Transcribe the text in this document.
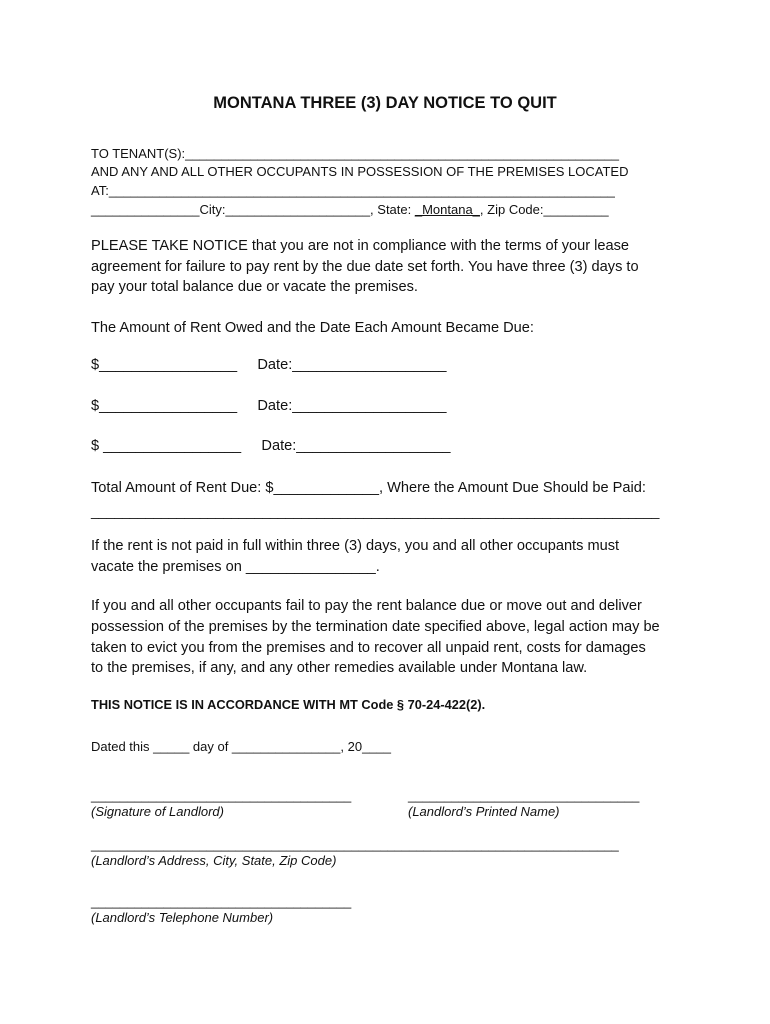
MONTANA THREE (3) DAY NOTICE TO QUIT
TO TENANT(S):____________________________________________________________
AND ANY AND ALL OTHER OCCUPANTS IN POSSESSION OF THE PREMISES LOCATED
AT:______________________________________________________________________
_______________City:____________________, State: _Montana_, Zip Code:_________
PLEASE TAKE NOTICE that you are not in compliance with the terms of your lease
agreement for failure to pay rent by the due date set forth. You have three (3) days to
pay your total balance due or vacate the premises.
The Amount of Rent Owed and the Date Each Amount Became Due:
$_________________     Date:___________________
$_________________     Date:___________________
$ _________________     Date:___________________
Total Amount of Rent Due: $_____________, Where the Amount Due Should be Paid:
_________________________________________________________________________
If the rent is not paid in full within three (3) days, you and all other occupants must
vacate the premises on ________________.
If you and all other occupants fail to pay the rent balance due or move out and deliver
possession of the premises by the termination date specified above, legal action may be
taken to evict you from the premises and to recover all unpaid rent, costs for damages
to the premises, if any, and any other remedies available under Montana law.
THIS NOTICE IS IN ACCORDANCE WITH MT Code § 70-24-422(2).
Dated this _____ day of _______________, 20____
____________________________________	________________________________
(Signature of Landlord)	(Landlord’s Printed Name)
_________________________________________________________________________
(Landlord’s Address, City, State, Zip Code)
____________________________________
(Landlord’s Telephone Number)
